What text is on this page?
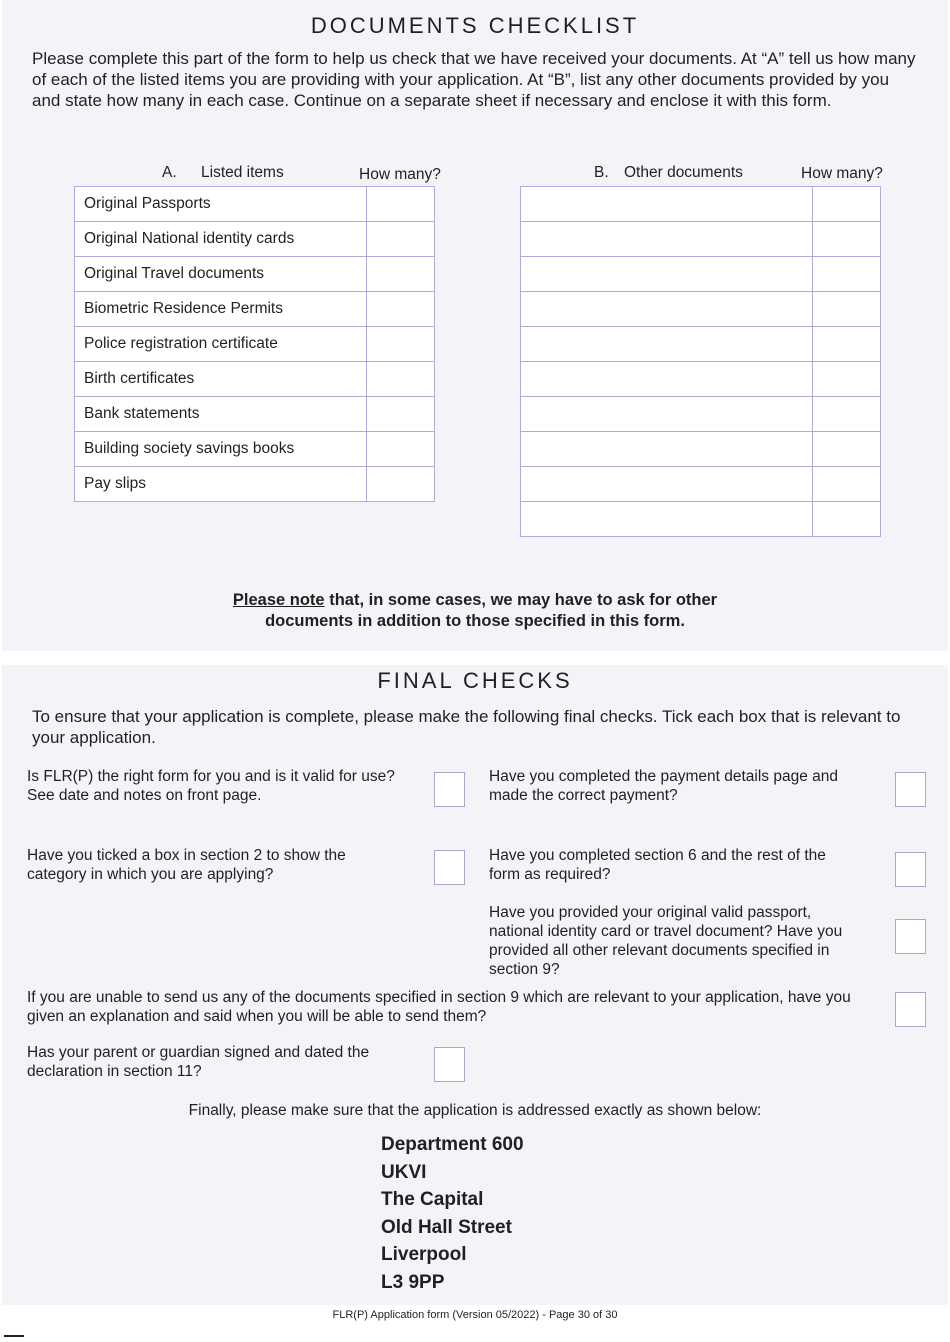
DOCUMENTS CHECKLIST
Please complete this part of the form to help us check that we have received your documents. At “A” tell us how many of each of the listed items you are providing with your application. At “B”, list any other documents provided by you and state how many in each case. Continue on a separate sheet if necessary and enclose it with this form.
A. Listed items	How many?	B. Other documents	How many?
Original Passports	
Original National identity cards	
Original Travel documents	
Biometric Residence Permits	
Police registration certificate	
Birth certificates	
Bank statements	
Building society savings books	
Pay slips	

Please note that, in some cases, we may have to ask for other
documents in addition to those specified in this form.
FINAL CHECKS
To ensure that your application is complete, please make the following final checks. Tick each box that is relevant to your application.
Is FLR(P) the right form for you and is it valid for use? See date and notes on front page.
Have you completed the payment details page and made the correct payment?
Have you ticked a box in section 2 to show the category in which you are applying?
Have you completed section 6 and the rest of the form as required?
Have you provided your original valid passport, national identity card or travel document? Have you provided all other relevant documents specified in section 9?
If you are unable to send us any of the documents specified in section 9 which are relevant to your application, have you given an explanation and said when you will be able to send them?
Has your parent or guardian signed and dated the declaration in section 11?
Finally, please make sure that the application is addressed exactly as shown below:
Department 600
UKVI
The Capital
Old Hall Street
Liverpool
L3 9PP
FLR(P) Application form (Version 05/2022) - Page 30 of 30
